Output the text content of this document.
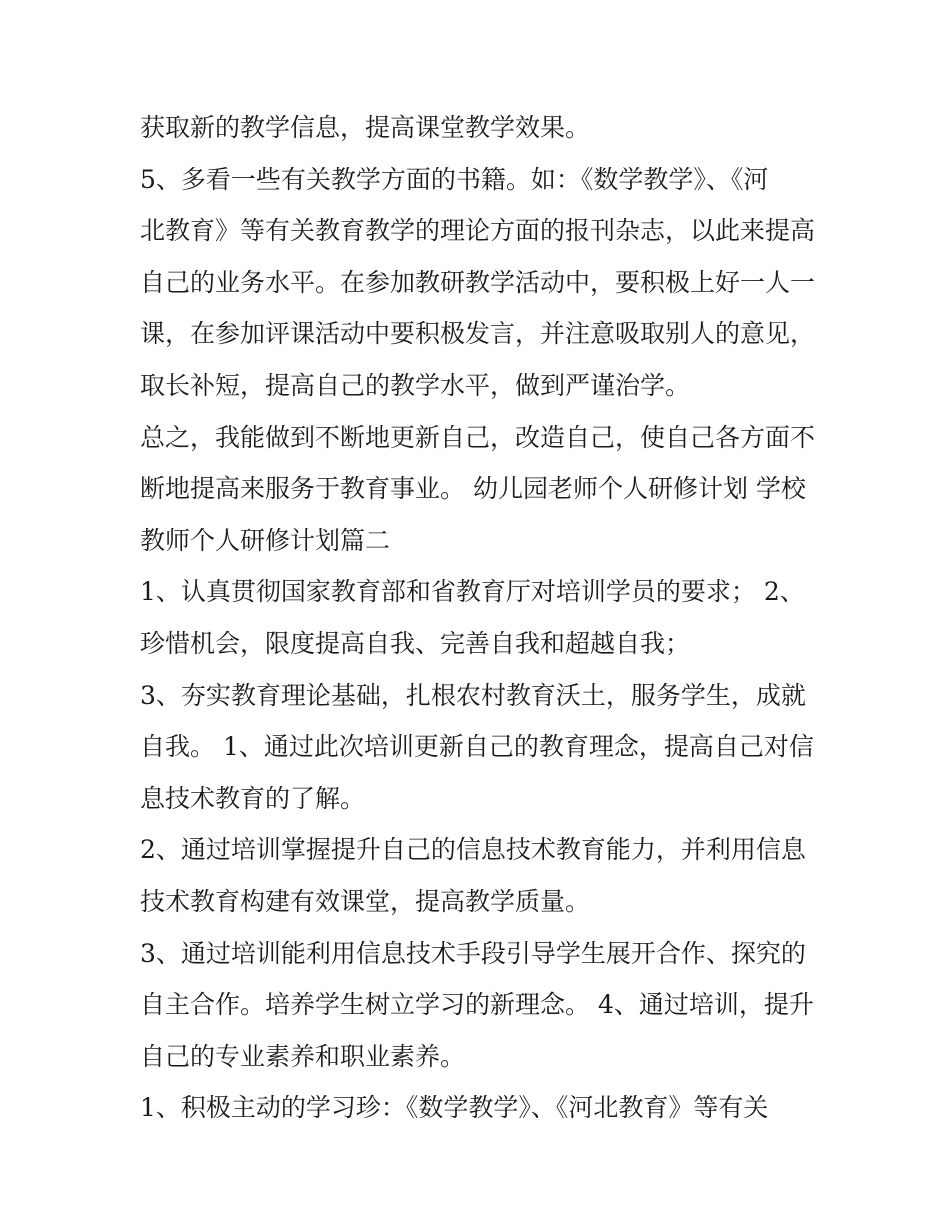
获取新的教学信息，提高课堂教学效果。
5、多看一些有关教学方面的书籍。如：《数学教学》、《河
北教育》等有关教育教学的理论方面的报刊杂志，以此来提高
自己的业务水平。在参加教研教学活动中，要积极上好一人一
课，在参加评课活动中要积极发言，并注意吸取别人的意见，
取长补短，提高自己的教学水平，做到严谨治学。
总之，我能做到不断地更新自己，改造自己，使自己各方面不
断地提高来服务于教育事业。 幼儿园老师个人研修计划 学校
教师个人研修计划篇二
1、认真贯彻国家教育部和省教育厅对培训学员的要求； 2、
珍惜机会，限度提高自我、完善自我和超越自我；
3、夯实教育理论基础，扎根农村教育沃土，服务学生，成就
自我。 1、通过此次培训更新自己的教育理念，提高自己对信
息技术教育的了解。
2、通过培训掌握提升自己的信息技术教育能力，并利用信息
技术教育构建有效课堂，提高教学质量。
3、通过培训能利用信息技术手段引导学生展开合作、探究的
自主合作。培养学生树立学习的新理念。 4、通过培训，提升
自己的专业素养和职业素养。
1、积极主动的学习珍：《数学教学》、《河北教育》等有关
